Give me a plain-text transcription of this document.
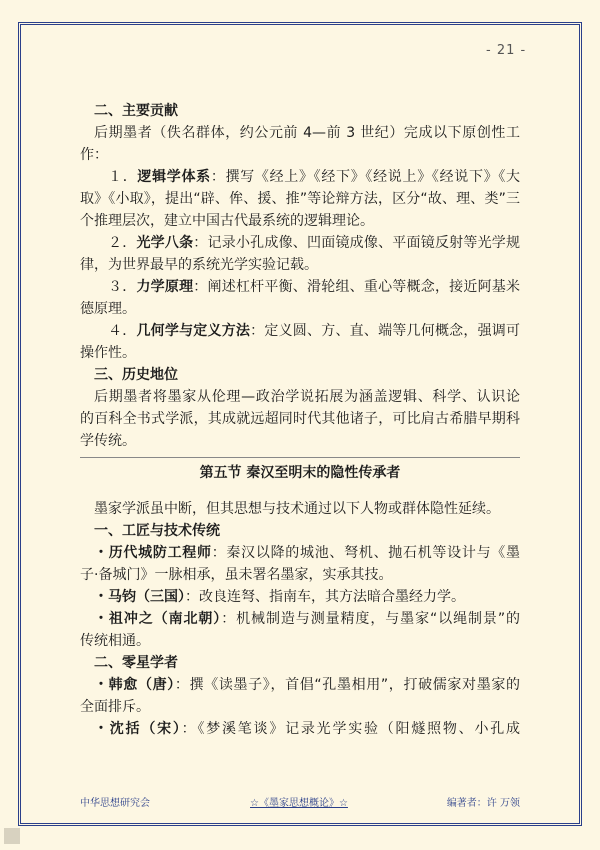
- 21 -
二、主要贡献
后期墨者（佚名群体，约公元前 4—前 3 世纪）完成以下原创性工
作：
１．逻辑学体系：撰写《经上》《经下》《经说上》《经说下》《大
取》《小取》，提出“辟、侔、援、推”等论辩方法，区分“故、理、类”三
个推理层次，建立中国古代最系统的逻辑理论。
２．光学八条：记录小孔成像、凹面镜成像、平面镜反射等光学规
律，为世界最早的系统光学实验记载。
３．力学原理：阐述杠杆平衡、滑轮组、重心等概念，接近阿基米
德原理。
４．几何学与定义方法：定义圆、方、直、端等几何概念，强调可
操作性。
三、历史地位
后期墨者将墨家从伦理—政治学说拓展为涵盖逻辑、科学、认识论
的百科全书式学派，其成就远超同时代其他诸子，可比肩古希腊早期科
学传统。
第五节 秦汉至明末的隐性传承者
墨家学派虽中断，但其思想与技术通过以下人物或群体隐性延续。
一、工匠与技术传统
・历代城防工程师：秦汉以降的城池、弩机、抛石机等设计与《墨
子·备城门》一脉相承，虽未署名墨家，实承其技。
・马钧（三国）：改良连弩、指南车，其方法暗合墨经力学。
・祖冲之（南北朝）：机械制造与测量精度，与墨家“以绳制景”的
传统相通。
二、零星学者
・韩愈（唐）：撰《读墨子》，首倡“孔墨相用”，打破儒家对墨家的
全面排斥。
・沈括（宋）：《梦溪笔谈》记录光学实验（阳燧照物、小孔成
中华思想研究会	☆《墨家思想概论》☆	编著者：许 万领
